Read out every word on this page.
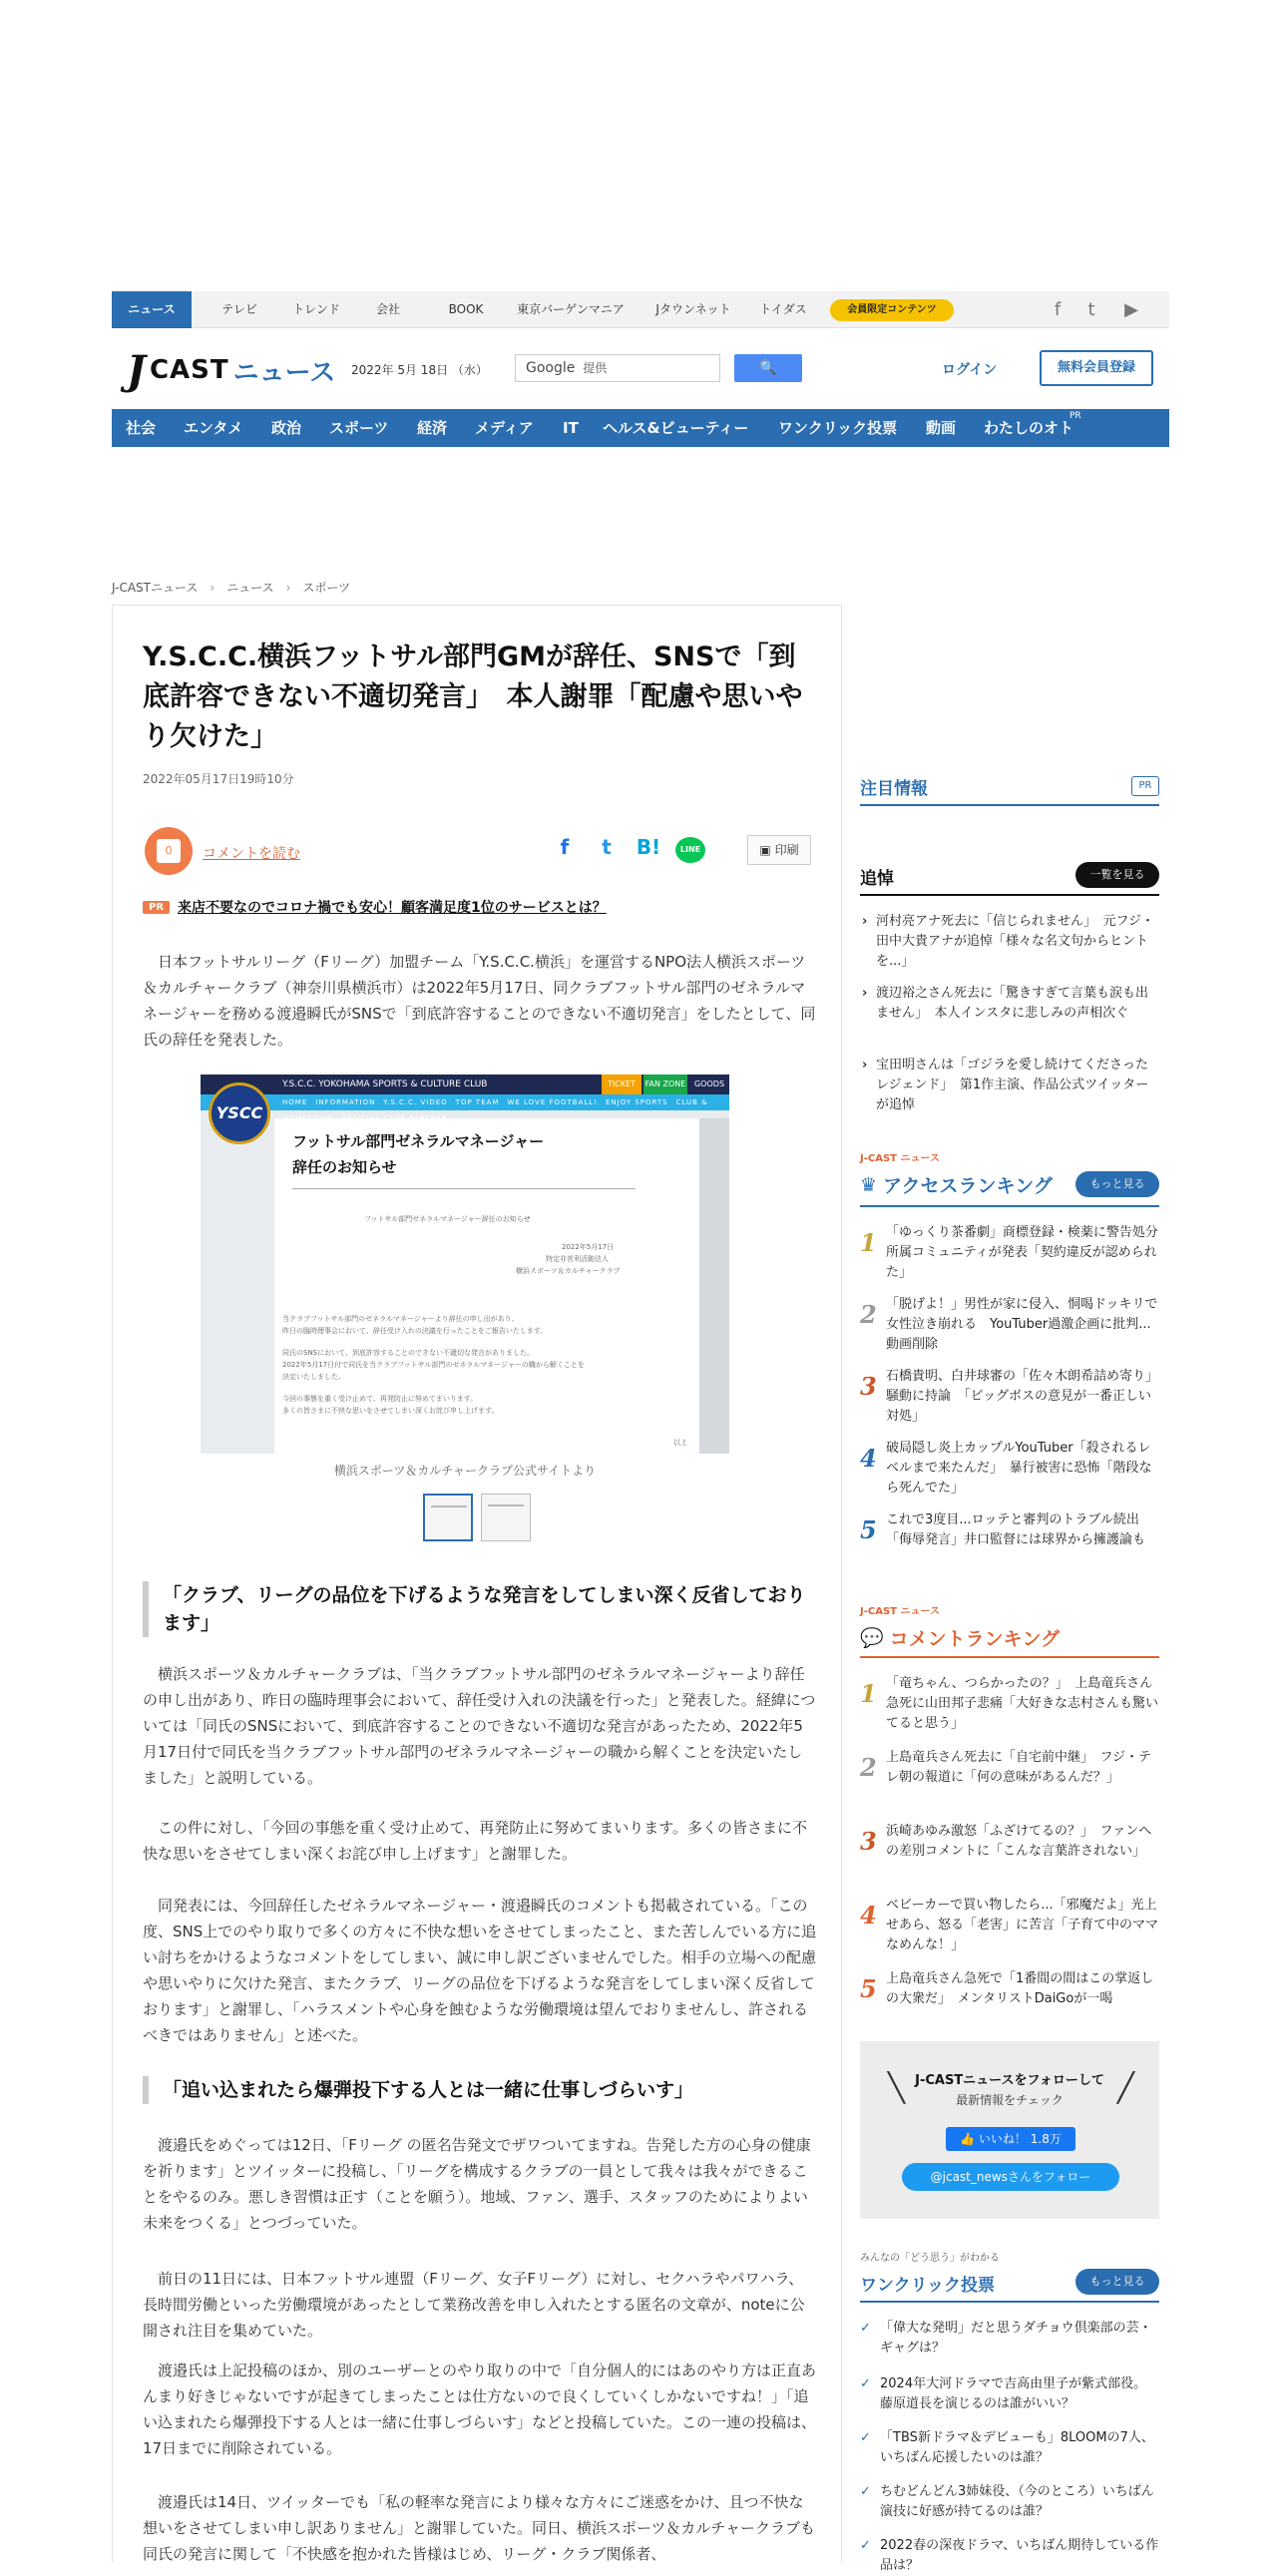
ニュース	テレビ	トレンド	会社	BOOK	東京バーゲンマニア	Jタウンネット	トイダス	会員限定コンテンツ	f	t	▶
J CAST ニュース 2022年 5月 18日 （水）	Google 提供	🔍	ログイン	無料会員登録
社会 エンタメ 政治 スポーツ 経済 メディア IT ヘルス&ビューティー ワンクリック投票 動画 わたしのオト
PR
J-CASTニュース › ニュース › スポーツ
Y.S.C.C.横浜フットサル部門GMが辞任、SNSで「到底許容できない不適切発言」　本人謝罪「配慮や思いやり欠けた」
2022年05月17日19時10分
0	コメントを読む	f	t	B!	LINE	▣ 印刷
PR	来店不要なのでコロナ禍でも安心！顧客満足度1位のサービスとは？

日本フットサルリーグ（Fリーグ）加盟チーム「Y.S.C.C.横浜」を運営するNPO法人横浜スポーツ＆カルチャークラブ（神奈川県横浜市）は2022年5月17日、同クラブフットサル部門のゼネラルマネージャーを務める渡邉瞬氏がSNSで「到底許容することのできない不適切発言」をしたとして、同氏の辞任を発表した。

Y.S.C.C. YOKOHAMA SPORTS & CULTURE CLUB	TICKET	FAN ZONE	GOODS
HOME　INFORMATION　Y.S.C.C. VIDEO　TOP TEAM　WE LOVE FOOTBALL!　ENJOY SPORTS　CLUB & 　
フットサル部門ゼネラルマネージャー辞任のお知らせ
フットサル部門ゼネラルマネージャー辞任のお知らせ
2022年5月17日
特定非営利活動法人
横浜スポーツ＆カルチャークラブ
当クラブフットサル部門のゼネラルマネージャーより辞任の申し出があり、
昨日の臨時理事会において、辞任受け入れの決議を行ったことをご報告いたします。
同氏のSNSにおいて、到底許容することのできない不適切な発言がありました。
2022年5月17日付で同氏を当クラブフットサル部門のゼネラルマネージャーの職から解くことを
決定いたしました。
今回の事態を重く受け止めて、再発防止に努めてまいります。
多くの皆さまに不快な思いをさせてしまい深くお詫び申し上げます。
以上
YSCC
横浜スポーツ＆カルチャークラブ公式サイトより
「クラブ、リーグの品位を下げるような発言をしてしまい深く反省しております」

横浜スポーツ＆カルチャークラブは、「当クラブフットサル部門のゼネラルマネージャーより辞任の申し出があり、昨日の臨時理事会において、辞任受け入れの決議を行った」と発表した。経緯については「同氏のSNSにおいて、到底許容することのできない不適切な発言があったため、2022年5月17日付で同氏を当クラブフットサル部門のゼネラルマネージャーの職から解くことを決定いたしました」と説明している。

この件に対し、「今回の事態を重く受け止めて、再発防止に努めてまいります。多くの皆さまに不快な思いをさせてしまい深くお詫び申し上げます」と謝罪した。

同発表には、今回辞任したゼネラルマネージャー・渡邉瞬氏のコメントも掲載されている。「この度、SNS上でのやり取りで多くの方々に不快な想いをさせてしまったこと、また苦しんでいる方に追い討ちをかけるようなコメントをしてしまい、誠に申し訳ございませんでした。相手の立場への配慮や思いやりに欠けた発言、またクラブ、リーグの品位を下げるような発言をしてしまい深く反省しております」と謝罪し、「ハラスメントや心身を蝕むような労働環境は望んでおりませんし、許されるべきではありません」と述べた。

「追い込まれたら爆弾投下する人とは一緒に仕事しづらいす」

渡邉氏をめぐっては12日、「Fリーグ の匿名告発文でザワついてますね。告発した方の心身の健康を祈ります」とツイッターに投稿し、「リーグを構成するクラブの一員として我々は我々ができることをやるのみ。悪しき習慣は正す（ことを願う）。地域、ファン、選手、スタッフのためによりよい未来をつくる」とつづっていた。

前日の11日には、日本フットサル連盟（Fリーグ、女子Fリーグ）に対し、セクハラやパワハラ、長時間労働といった労働環境があったとして業務改善を申し入れたとする匿名の文章が、noteに公開され注目を集めていた。

渡邉氏は上記投稿のほか、別のユーザーとのやり取りの中で「自分個人的にはあのやり方は正直あんまり好きじゃないですが起きてしまったことは仕方ないので良くしていくしかないですね！」「追い込まれたら爆弾投下する人とは一緒に仕事しづらいす」などと投稿していた。この一連の投稿は、17日までに削除されている。

渡邉氏は14日、ツイッターでも「私の軽率な発言により様々な方々にご迷惑をかけ、且つ不快な想いをさせてしまい申し訳ありません」と謝罪していた。同日、横浜スポーツ＆カルチャークラブも同氏の発言に関して「不快感を抱かれた皆様はじめ、リーグ・クラブ関係者、

注目情報	PR
追悼	一覧を見る
› 河村亮アナ死去に「信じられません」　元フジ・田中大貴アナが追悼「様々な名文句からヒントを...」
› 渡辺裕之さん死去に「驚きすぎて言葉も涙も出ません」　本人インスタに悲しみの声相次ぐ
› 宝田明さんは「ゴジラを愛し続けてくださったレジェンド」　第1作主演、作品公式ツイッターが追悼
J-CAST ニュース
♛ アクセスランキング	もっと見る
1 「ゆっくり茶番劇」商標登録・検薬に警告処分　所属コミュニティが発表「契約違反が認められた」
2 「脱げよ！」男性が家に侵入、恫喝ドッキリで女性泣き崩れる　YouTuber過激企画に批判...動画削除
3 石橋貴明、白井球審の「佐々木朗希詰め寄り」騒動に持論　「ビッグボスの意見が一番正しい対処」
4 破局隠し炎上カップルYouTuber「殺されるレベルまで来たんだ」　暴行被害に恐怖「階段なら死んでた」
5 これで3度目...ロッテと審判のトラブル続出「侮辱発言」井口監督には球界から擁護論も
J-CAST ニュース
💬 コメントランキング
1 「竜ちゃん、つらかったの？」　上島竜兵さん急死に山田邦子悲痛「大好きな志村さんも驚いてると思う」
2 上島竜兵さん死去に「自宅前中継」　フジ・テレ朝の報道に「何の意味があるんだ？」
3 浜崎あゆみ激怒「ふざけてるの？」　ファンへの差別コメントに「こんな言葉許されない」
4 ベビーカーで買い物したら...「邪魔だよ」光上せあら、怒る「老害」に苦言「子育て中のママなめんな！」
5 上島竜兵さん急死で「1番間の間はこの掌返しの大衆だ」　メンタリストDaiGoが一喝
╲ J-CASTニュースをフォローして
最新情報をチェック	╱
👍 いいね！ 1.8万
@jcast_newsさんをフォロー
みんなの「どう思う」がわかる
ワンクリック投票	もっと見る
✓ 「偉大な発明」だと思うダチョウ倶楽部の芸・ギャグは？
✓ 2024年大河ドラマで吉高由里子が紫式部役。藤原道長を演じるのは誰がいい？
✓ 「TBS新ドラマ＆デビューも」8LOOMの7人、いちばん応援したいのは誰？
✓ ちむどんどん3姉妹役、（今のところ）いちばん演技に好感が持てるのは誰？
✓ 2022春の深夜ドラマ、いちばん期待している作品は？
